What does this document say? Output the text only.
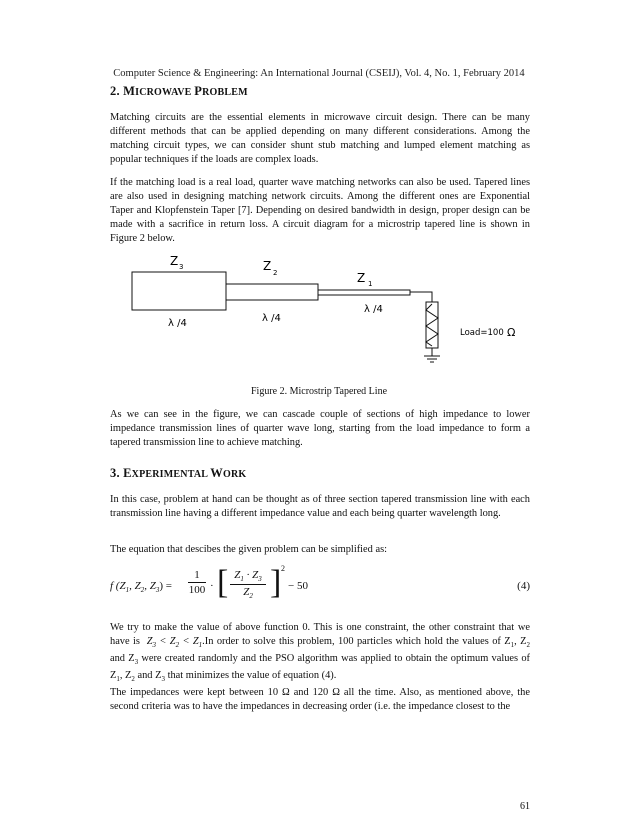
Computer Science & Engineering: An International Journal (CSEIJ), Vol. 4, No. 1, February 2014
2. MICROWAVE PROBLEM
Matching circuits are the essential elements in microwave circuit design. There can be many different methods that can be applied depending on many different considerations. Among the matching circuit types, we can consider shunt stub matching and lumped element matching as popular techniques if the loads are complex loads.
If the matching load is a real load, quarter wave matching networks can also be used. Tapered lines are also used in designing matching network circuits. Among the different ones are Exponential Taper and Klopfenstein Taper [7]. Depending on desired bandwidth in design, proper design can be made with a sacrifice in return loss. A circuit diagram for a microstrip tapered line is shown in Figure 2 below.
Z 3	Z 2	Z 1
λ /4	λ /4
λ /4
Load=100 Ω
Figure 2. Microstrip Tapered Line
As we can see in the figure, we can cascade couple of sections of high impedance to lower impedance transmission lines of quarter wave long, starting from the load impedance to form a tapered transmission line to achieve matching.
3. EXPERIMENTAL WORK
In this case, problem at hand can be thought as of three section tapered transmission line with each transmission line having a different impedance value and each being quarter wavelength long.
The equation that descibes the given problem can be simplified as:
f ($Z_1$, $Z_2$, $Z_3$) =
1
100 · [ $Z_1 \cdot Z_3$
$Z_2$ ] 2
− 50	(4)
We try to make the value of above function 0. This is one constraint, the other constraint that we have is  $Z_3 < Z_2 < Z_1.In$ order to solve this problem, 100 particles which hold the values of $Z_1$, $Z_2$ and $Z_3$ were created randomly and the PSO algorithm was applied to obtain the optimum values of $Z_1$, $Z_2$ and $Z_3$ that minimizes the value of equation (4).
The impedances were kept between 10 Ω and 120 Ω all the time. Also, as mentioned above, the second criteria was to have the impedances in decreasing order (i.e. the impedance closest to the
61
